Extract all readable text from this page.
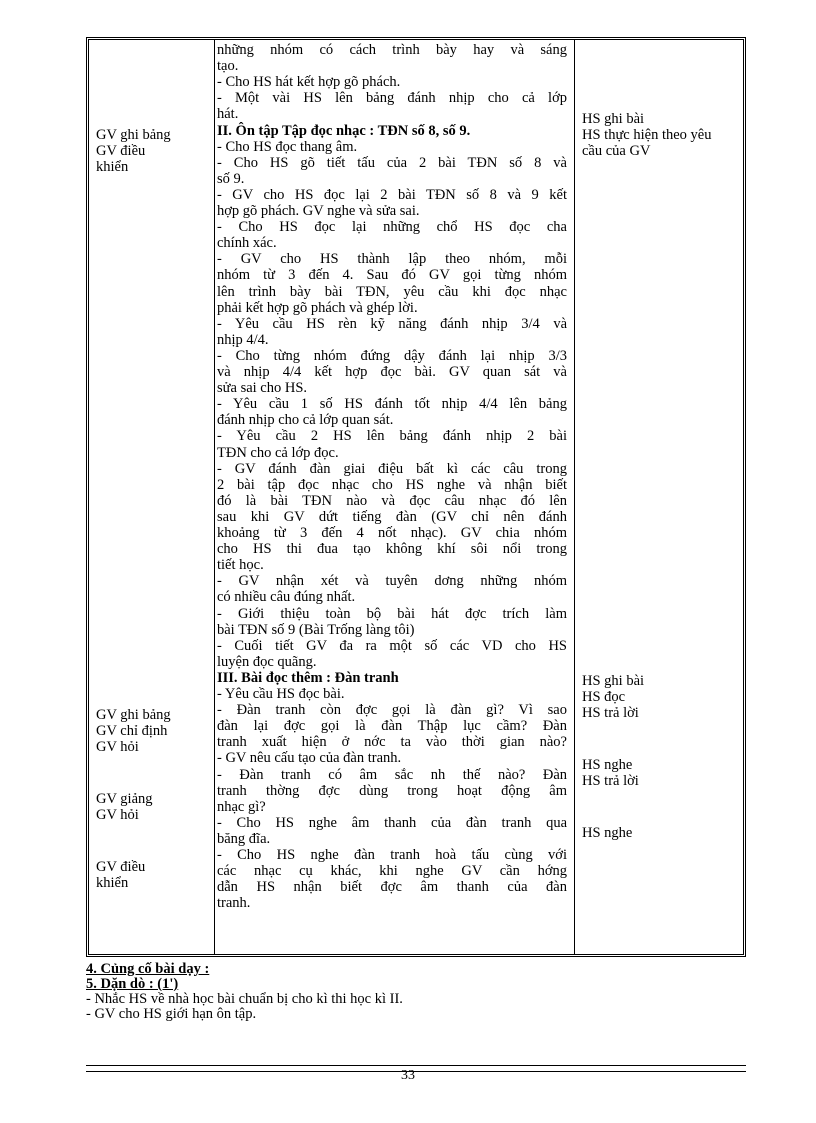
GV ghi bảng
GV điều
khiển
GV ghi bảng
GV chỉ định
GV hỏi
GV giảng
GV hỏi
GV điều
khiển
những nhóm có cách trình bày hay và sáng
tạo.
- Cho HS hát kết hợp gõ phách.
- Một vài HS lên bảng đánh nhịp cho cả lớp
hát.
II. Ôn tập Tập đọc nhạc : TĐN số 8, số 9.
- Cho HS đọc thang âm.
- Cho HS gõ tiết tấu của 2 bài TĐN số 8 và
số 9.
- GV cho HS đọc lại 2 bài TĐN số 8 và 9 kết
hợp gõ phách. GV nghe và sửa sai.
- Cho HS đọc lại những chổ HS đọc cha
chính xác.
- GV cho HS thành lập theo nhóm, mỗi
nhóm từ 3 đến 4. Sau đó GV gọi từng nhóm
lên trình bày bài TĐN, yêu cầu khi đọc nhạc
phải kết hợp gõ phách và ghép lời.
- Yêu cầu HS rèn kỹ năng đánh nhịp 3/4 và
nhịp 4/4.
- Cho từng nhóm đứng dậy đánh lại nhịp 3/3
và nhịp 4/4 kết hợp đọc bài. GV quan sát và
sửa sai cho HS.
- Yêu cầu 1 số HS đánh tốt nhịp 4/4 lên bảng
đánh nhịp cho cả lớp quan sát.
- Yêu cầu 2 HS lên bảng đánh nhịp 2 bài
TĐN cho cả lớp đọc.
- GV đánh đàn giai điệu bất kì các câu trong
2 bài tập đọc nhạc cho HS nghe và nhận biết
đó là bài TĐN nào và đọc câu nhạc đó lên
sau khi GV dứt tiếng đàn (GV chỉ nên đánh
khoảng từ 3 đến 4 nốt nhạc). GV chia nhóm
cho HS thi đua tạo không khí sôi nổi trong
tiết học.
- GV nhận xét và tuyên dơng những nhóm
có nhiều câu đúng nhất.
- Giới thiệu toàn bộ bài hát đợc trích làm
bài TĐN số 9 (Bài Trống làng tôi)
- Cuối tiết GV đa ra một số các VD cho HS
luyện đọc quãng.
III. Bài đọc thêm : Đàn tranh
- Yêu cầu HS đọc bài.
- Đàn tranh còn đợc gọi là đàn gì? Vì sao
đàn lại đợc gọi là đàn Thập lục cầm? Đàn
tranh xuất hiện ở nớc ta vào thời gian nào?
- GV nêu cấu tạo của đàn tranh.
- Đàn tranh có âm sắc nh thế nào? Đàn
tranh thờng đợc dùng trong hoạt động âm
nhạc gì?
- Cho HS nghe âm thanh của đàn tranh qua
băng đĩa.
- Cho HS nghe đàn tranh hoà tấu cùng với
các nhạc cụ khác, khi nghe GV cần hớng
dẫn HS nhận biết đợc âm thanh của đàn
tranh.
HS ghi bài
HS thực hiện theo yêu
cầu của GV
HS ghi bài
HS đọc
HS trả lời
HS nghe
HS trả lời
HS nghe
4. Củng cố bài dạy :
5. Dặn dò : (1')
- Nhắc HS về nhà học bài chuẩn bị cho kì thi học kì II.
- GV cho HS giới hạn ôn tập.
33
